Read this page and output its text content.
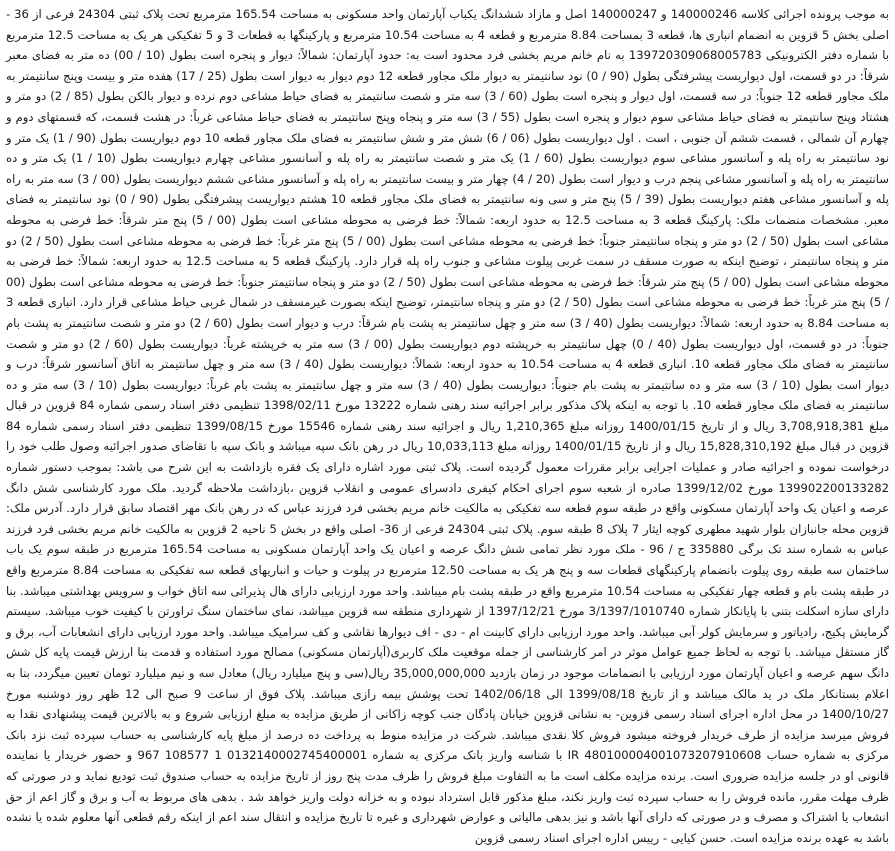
به موجب پرونده اجرائی کلاسه 140000246 و 140000247 اصل و مازاد ششدانگ یکباب آپارتمان واحد مسکونی به مساحت 165.54 مترمربع تحت پلاک ثبتی 24304 فرعی از 36 - اصلی بخش 5 قزوین به انضمام انباری ها، قطعه 3 بمساحت 8.84 مترمربع و قطعه 4 به مساحت 10.54 مترمربع و پارکینگها به قطعات 3 و 5 تفکیکی هر یک به مساحت 12.5 مترمربع با شماره دفتر الکترونیکی 139720309068005783 به نام خانم مریم بخشی فرد محدود است به: حدود آپارتمان: شمالاً: دیوار و پنجره است بطول (10 / 00) ده متر به فضای معبر شرقاً: در دو قسمت، اول دیواریست پیشرفتگی بطول (90 / 0) نود سانتیمتر به دیوار ملک مجاور قطعه 12 دوم دیوار به دیوار است بطول (25 / 17) هفده متر و بیست وپنج سانتیمتر به ملک مجاور قطعه 12 جنوباً: در سه قسمت، اول دیوار و پنجره است بطول (60 / 3) سه متر و شصت سانتیمتر به فضای حیاط مشاعی دوم نرده و دیوار بالکن بطول (85 / 2) دو متر و هشتاد وپنج سانتیمتر به فضای حیاط مشاعی سوم دیوار و پنجره است بطول (55 / 3) سه متر و پنجاه وپنج سانتیمتر به فضای حیاط مشاعی غرباً: در هشت قسمت، که قسمتهای دوم و چهارم آن شمالی ، قسمت ششم آن جنوبی ، است . اول دیواریست بطول (06 / 6) شش متر و شش سانتیمتر به فضای ملک مجاور قطعه 10 دوم دیواریست بطول (90 / 1) یک متر و نود سانتیمتر به راه پله و آسانسور مشاعی سوم دیواریست بطول (60 / 1) یک متر و شصت سانتیمتر به راه پله و آسانسور مشاعی چهارم دیواریست بطول (10 / 1) یک متر و ده سانتیمتر به راه پله و آسانسور مشاعی پنجم درب و دیوار است بطول (20 / 4) چهار متر و بیست سانتیمتر به راه پله و آسانسور مشاعی ششم دیواریست بطول (00 / 3) سه متر به راه پله و آسانسور مشاعی هفتم دیواریست بطول (39 / 5) پنج متر و سی ونه سانتیمتر به فضای ملک مجاور قطعه 10 هشتم دیواریست پیشرفتگی بطول (90 / 0) نود سانتیمتر به فضای معبر. مشخصات منضمات ملک: پارکینگ قطعه 3 به مساحت 12.5 به حدود اربعه: شمالاً: خط فرضی به محوطه مشاعی است بطول (00 / 5) پنج متر شرقاً: خط فرضی به محوطه مشاعی است بطول (50 / 2) دو متر و پنجاه سانتیمتر جنوباً: خط فرضی به محوطه مشاعی است بطول (00 / 5) پنج متر غرباً: خط فرضی به محوطه مشاعی است بطول (50 / 2) دو متر و پنجاه سانتیمتر ، توضیح اینکه به صورت مسقف در سمت غربی پیلوت مشاعی و جنوب راه پله قرار دارد. پارکینگ قطعه 5 به مساحت 12.5 به حدود اربعه: شمالاً: خط فرضی به محوطه مشاعی است بطول (00 / 5) پنج متر شرقاً: خط فرضی به محوطه مشاعی است بطول (50 / 2) دو متر و پنجاه سانتیمتر جنوباً: خط فرضی به محوطه مشاعی است بطول (00 / 5) پنج متر غرباً: خط فرضی به محوطه مشاعی است بطول (50 / 2) دو متر و پنجاه سانتیمتر، توضیح اینکه بصورت غیرمسقف در شمال غربی حیاط مشاعی قرار دارد. انباری قطعه 3 به مساحت 8.84 به حدود اربعه: شمالاً: دیواریست بطول (40 / 3) سه متر و چهل سانتیمتر به پشت بام شرقاً: درب و دیوار است بطول (60 / 2) دو متر و شصت سانتیمتر به پشت بام جنوباً: در دو قسمت، اول دیواریست بطول (40 / 0) چهل سانتیمتر به خرپشته دوم دیواریست بطول (00 / 3) سه متر به خرپشته غرباً: دیواریست بطول (60 / 2) دو متر و شصت سانتیمتر به فضای ملک مجاور قطعه 10. انباری قطعه 4 به مساحت 10.54 به حدود اربعه: شمالاً: دیواریست بطول (40 / 3) سه متر و چهل سانتیمتر به اتاق آسانسور شرقاً: درب و دیوار است بطول (10 / 3) سه متر و ده سانتیمتر به پشت بام جنوباً: دیواریست بطول (40 / 3) سه متر و چهل سانتیمتر به پشت بام غرباً: دیواریست بطول (10 / 3) سه متر و ده سانتیمتر به فضای ملک مجاور قطعه 10. با توجه به اینکه پلاک مذکور برابر اجرائیه سند رهنی شماره 13222 مورخ 1398/02/11 تنظیمی دفتر اسناد رسمی شماره 84 قزوین در قبال مبلغ 3,708,918,381 ریال و از تاریخ 1400/01/15 روزانه مبلغ 1,210,365 ریال و اجرائیه سند رهنی شماره 15546 مورخ 1399/08/15 تنظیمی دفتر اسناد رسمی شماره 84 قزوین در قبال مبلغ 15,828,310,192 ریال و از تاریخ 1400/01/15 روزانه مبلغ 10,033,113 ریال در رهن بانک سپه میباشد و بانک سپه با تقاضای صدور اجرائیه وصول طلب خود را درخواست نموده و اجرائیه صادر و عملیات اجرایی برابر مقررات معمول گردیده است. پلاک ثبتی مورد اشاره دارای یک فقره بازداشت به این شرح می باشد: بموجب دستور شماره 139902200133282 مورخ 1399/12/02 صادره از شعبه سوم اجرای احکام کیفری دادسرای عمومی و انقلاب قزوین ،بازداشت ملاحظه گردید. ملک مورد کارشناسی شش دانگ عرصه و اعیان یک واحد آپارتمان مسکونی واقع در طبقه سوم قطعه سه تفکیکی به مالکیت خانم مریم بخشی فرد فرزند عباس که در رهن بانک مهر اقتصاد سابق قرار دارد. آدرس ملک: قزوین محله جانبازان بلوار شهید مطهری کوچه ایثار 7 پلاک 8 طبقه سوم. پلاک ثبتی 24304 فرعی از 36- اصلی واقع در بخش 5 ناحیه 2 قزوین به مالکیت خانم مریم بخشی فرد فرزند عباس به شماره سند تک برگی 335880 ج / 96 - ملک مورد نظر تمامی شش دانگ عرصه و اعیان یک واحد آپارتمان مسکونی به مساحت 165.54 مترمربع در طبقه سوم یک باب ساختمان سه طبقه روی پیلوت بانضمام پارکینگهای قطعات سه و پنج هر یک به مساحت 12.50 مترمربع در پیلوت و حیات و انباریهای قطعه سه تفکیکی به مساحت 8.84 مترمربع واقع در طبقه پشت بام و قطعه چهار تفکیکی به مساحت 10.54 مترمربع واقع در طبقه پشت بام میباشد. واحد مورد ارزیابی دارای هال پذیرائی سه اتاق خواب و سرویس بهداشتی میباشد. بنا دارای سازه اسکلت بتنی با پایانکار شماره 3/1397/1010740 مورخ 1397/12/21 از شهرداری منطقه سه قزوین میباشد، نمای ساختمان سنگ تراورتن با کیفیت خوب میباشد. سیستم گرمایش پکیج، رادیاتور و سرمایش کولر آبی میباشد. واحد مورد ارزیابی دارای کابینت ام - دی - اف دیوارها نقاشی و کف سرامیک میباشد. واحد مورد ارزیابی دارای انشعابات آب، برق و گاز مستقل میباشد. با توجه به لحاظ جمیع عوامل موثر در امر کارشناسی از جمله موقعیت ملک کاربری(آپارتمان مسکونی) مصالح مورد استفاده و قدمت بنا ارزش قیمت پایه کل شش دانگ سهم عرصه و اعیان آپارتمان مورد ارزیابی با انضمامات موجود در زمان بازدید 35,000,000,000 ریال(سی و پنج میلیارد ریال) معادل سه و نیم میلیارد تومان تعیین میگردد، بنا به اعلام بستانکار ملک در ید مالک میباشد و از تاریخ 1399/08/18 الی 1402/06/18 تحت پوشش بیمه رازی میباشد. پلاک فوق از ساعت 9 صبح الی 12 ظهر روز دوشنبه مورخ 1400/10/27 در محل اداره اجرای اسناد رسمی قزوین- به نشانی قزوین خیابان پادگان جنب کوچه زاکانی از طریق مزایده به مبلغ ارزیابی شروع و به بالاترین قیمت پیشنهادی نقدا به فروش میرسد مزایده از طرف خریدار فروخته میشود فروش کلا نقدی میباشد. شرکت در مزایده منوط به پرداخت ده درصد از مبلغ پایه کارشناسی به حساب سپرده ثبت نزد بانک مرکزی به شماره حساب IR 480100004001073207910608 با شناسه واریز بانک مرکزی به شماره 0132140002745400001 1 108577 967 و حضور خریدار یا نماینده قانونی او در جلسه مزایده ضروری است. برنده مزایده مکلف است ما به التفاوت مبلغ فروش را ظرف مدت پنج روز از تاریخ مزایده به حساب صندوق ثبت تودیع نماید و در صورتی که ظرف مهلت مقرر، مانده فروش را به حساب سپرده ثبت واریز نکند، مبلغ مذکور قابل استرداد نبوده و به خزانه دولت واریز خواهد شد . بدهی های مربوط به آب و برق و گاز اعم از حق انشعاب یا اشتراک و مصرف و در صورتی که دارای آنها باشد و نیز بدهی مالیاتی و عوارض شهرداری و غیره تا تاریخ مزایده و انتقال سند اعم از اینکه رقم قطعی آنها معلوم شده یا نشده باشد به عهده برنده مزایده است. حسن کیایی - رییس اداره اجرای اسناد رسمی قزوین
